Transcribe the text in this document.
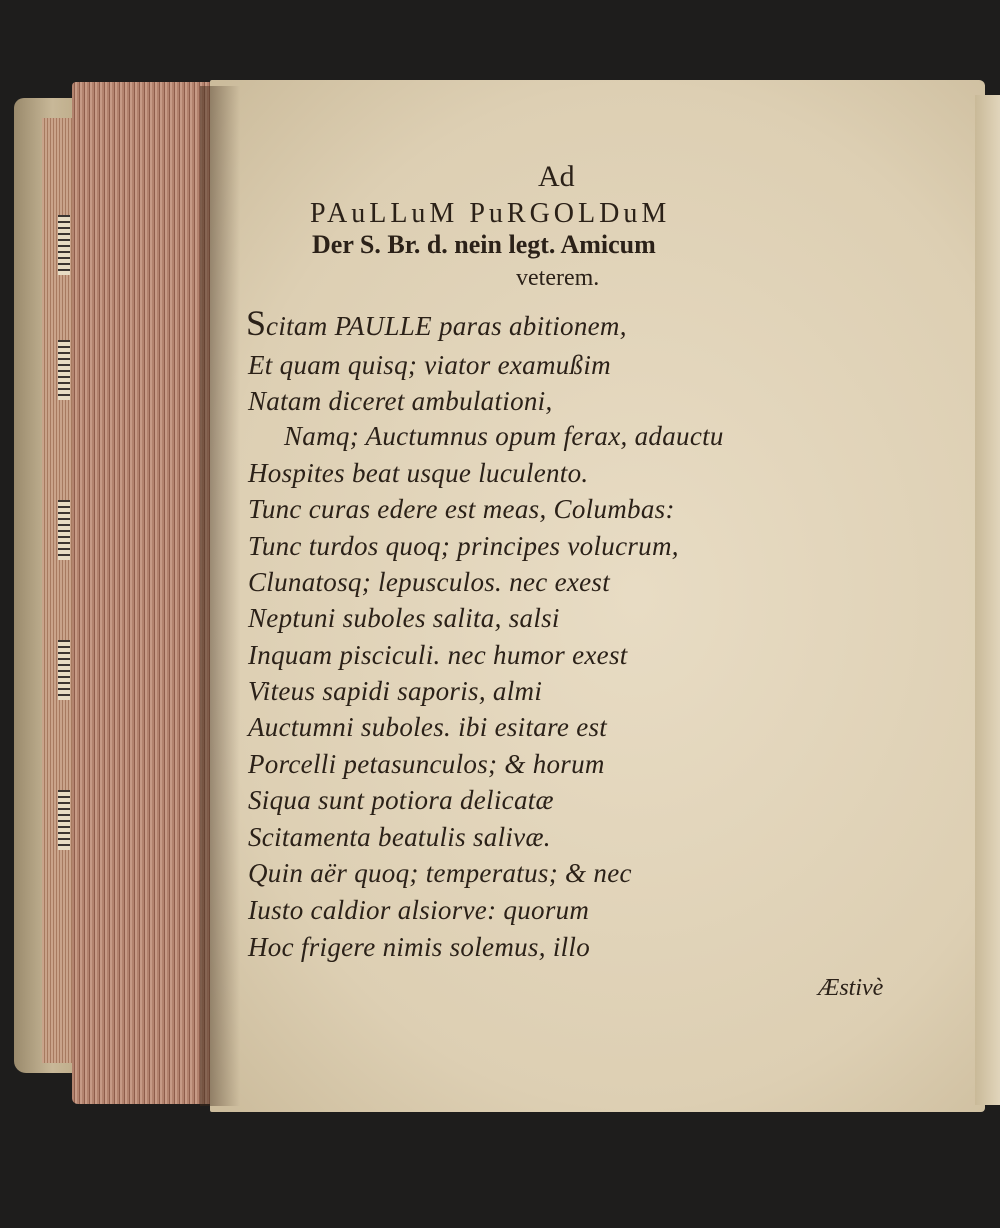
Ad
PAuLLuM PuRGOLDuM
Der S. Br. d. nein legt. Amicum
veterem.
Scitam PAULLE paras abitionem,
Et quam quisq; viator examußim
Natam diceret ambulationi,
Namq; Auctumnus opum ferax, adauctu
Hospites beat usque luculento.
Tunc curas edere est meas, Columbas:
Tunc turdos quoq; principes volucrum,
Clunatosq; lepusculos. nec exest
Neptuni suboles salita, salsi
Inquam pisciculi. nec humor exest
Viteus sapidi saporis, almi
Auctumni suboles. ibi esitare est
Porcelli petasunculos; & horum
Siqua sunt potiora delicatæ
Scitamenta beatulis salivæ.
Quin aër quoq; temperatus; & nec
Iusto caldior alsiorve: quorum
Hoc frigere nimis solemus, illo
Æstivè
